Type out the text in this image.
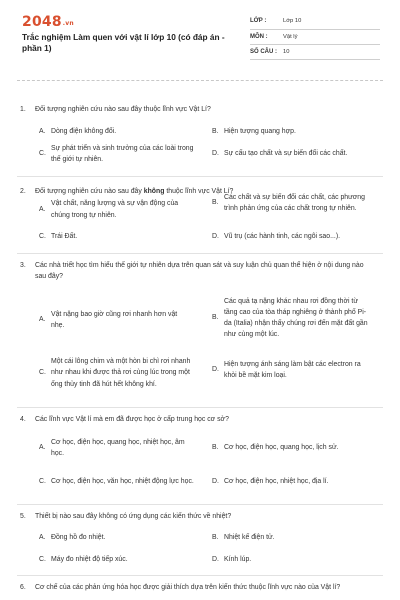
2048.vn
Trắc nghiệm Làm quen với vật lí lớp 10 (có đáp án - phần 1)
LỚP :	Lớp 10
MÔN :	Vật lý
SỐ CÂU :	10
1.	Đối tượng nghiên cứu nào sau đây thuộc lĩnh vực Vật Lí?
A. Dòng điện không đổi.	B. Hiện tượng quang hợp.
C.
Sự phát triển và sinh trưởng của các loài trong thế giới tự nhiên.
D. Sự cấu tạo chất và sự biến đổi các chất.
2.	Đối tượng nghiên cứu nào sau đây không thuộc lĩnh vực Vật Lí?
A.
Vật chất, năng lượng và sự vận động của chúng trong tự nhiên.
B.
Các chất và sự biến đổi các chất, các phương trình phản ứng của các chất trong tự nhiên.
C. Trái Đất.	D. Vũ trụ (các hành tinh, các ngôi sao...).
3.	Các nhà triết học tìm hiểu thế giới tự nhiên dựa trên quan sát và suy luận chủ quan thể hiện ở nội dung nào sau đây?
A.
Vật nặng bao giờ cũng rơi nhanh hơn vật nhẹ.
B.
Các quả tạ nặng khác nhau rơi đồng thời từ tầng cao của tòa tháp nghiêng ở thành phố Pi-da (Italia) nhận thấy chúng rơi đến mặt đất gần như cùng một lúc.
C.
Một cái lông chim và một hòn bi chì rơi nhanh như nhau khi được thả rơi cùng lúc trong một ống thủy tinh đã hút hết không khí.
D.
Hiện tượng ánh sáng làm bật các electron ra khỏi bề mặt kim loại.
4.	Các lĩnh vực Vật lí mà em đã được học ở cấp trung học cơ sở?
A.
Cơ học, điện học, quang học, nhiệt học, âm học.
B. Cơ học, điện học, quang học, lịch sử.
C. Cơ học, điện học, văn học, nhiệt động lực học.	D. Cơ học, điện học, nhiệt học, địa lí.
5.	Thiết bị nào sau đây không có ứng dụng các kiến thức về nhiệt?
A. Đồng hồ đo nhiệt.	B. Nhiệt kế điện tử.
C. Máy đo nhiệt độ tiếp xúc.	D. Kính lúp.
6.	Cơ chế của các phản ứng hóa học được giải thích dựa trên kiến thức thuộc lĩnh vực nào của Vật lí?
